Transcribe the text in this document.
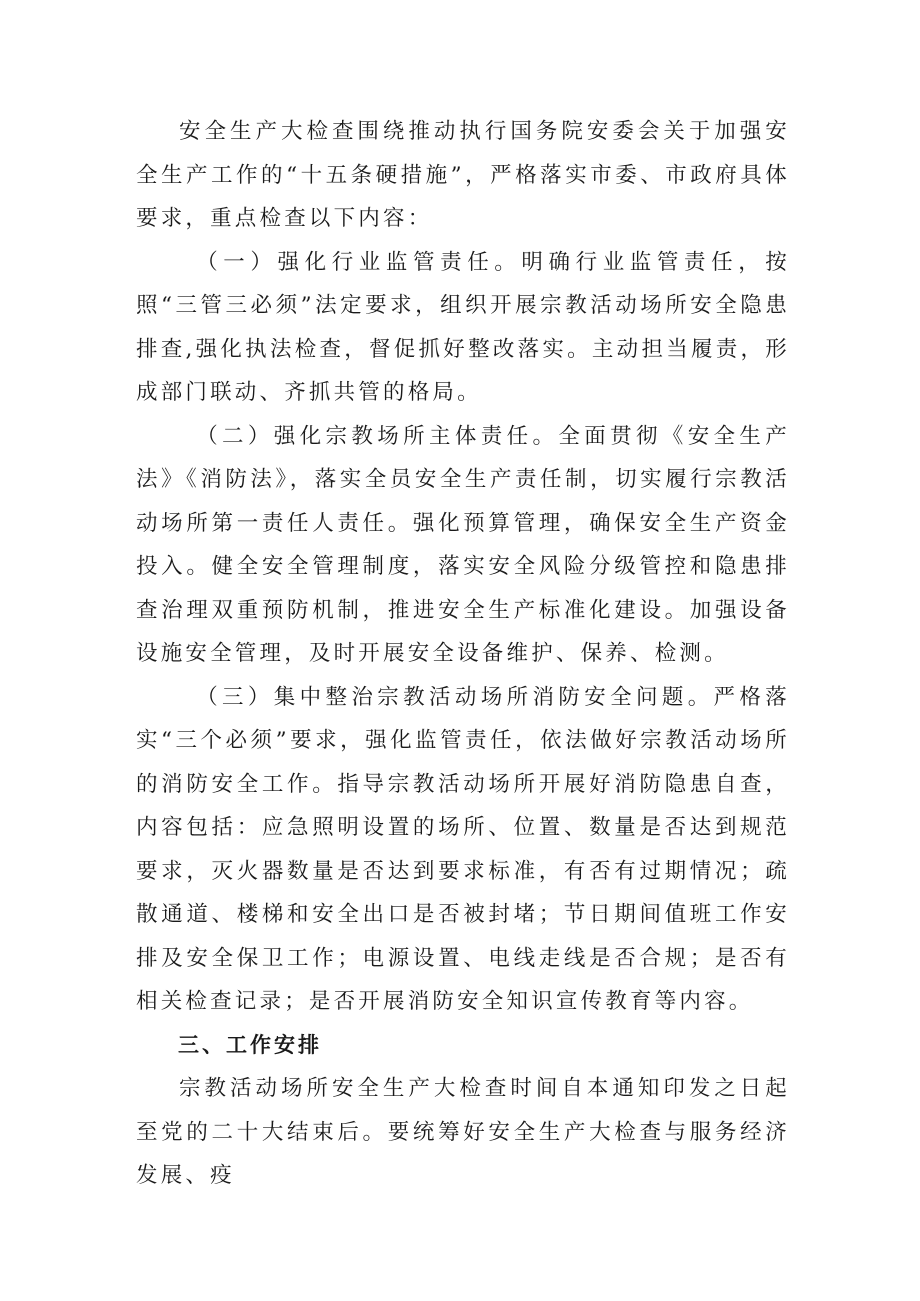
安全生产大检查围绕推动执行国务院安委会关于加强安全生产工作的“十五条硬措施”，严格落实市委、市政府具体要求，重点检查以下内容：

（一）强化行业监管责任。明确行业监管责任，按照“三管三必须”法定要求，组织开展宗教活动场所安全隐患排查,强化执法检查，督促抓好整改落实。主动担当履责，形成部门联动、齐抓共管的格局。

（二）强化宗教场所主体责任。全面贯彻《安全生产法》《消防法》，落实全员安全生产责任制，切实履行宗教活动场所第一责任人责任。强化预算管理，确保安全生产资金投入。健全安全管理制度，落实安全风险分级管控和隐患排查治理双重预防机制，推进安全生产标准化建设。加强设备设施安全管理，及时开展安全设备维护、保养、检测。

（三）集中整治宗教活动场所消防安全问题。严格落实“三个必须”要求，强化监管责任，依法做好宗教活动场所的消防安全工作。指导宗教活动场所开展好消防隐患自查，内容包括：应急照明设置的场所、位置、数量是否达到规范要求，灭火器数量是否达到要求标准，有否有过期情况；疏散通道、楼梯和安全出口是否被封堵；节日期间值班工作安排及安全保卫工作；电源设置、电线走线是否合规；是否有相关检查记录；是否开展消防安全知识宣传教育等内容。

三、工作安排

宗教活动场所安全生产大检查时间自本通知印发之日起至党的二十大结束后。要统筹好安全生产大检查与服务经济发展、疫
